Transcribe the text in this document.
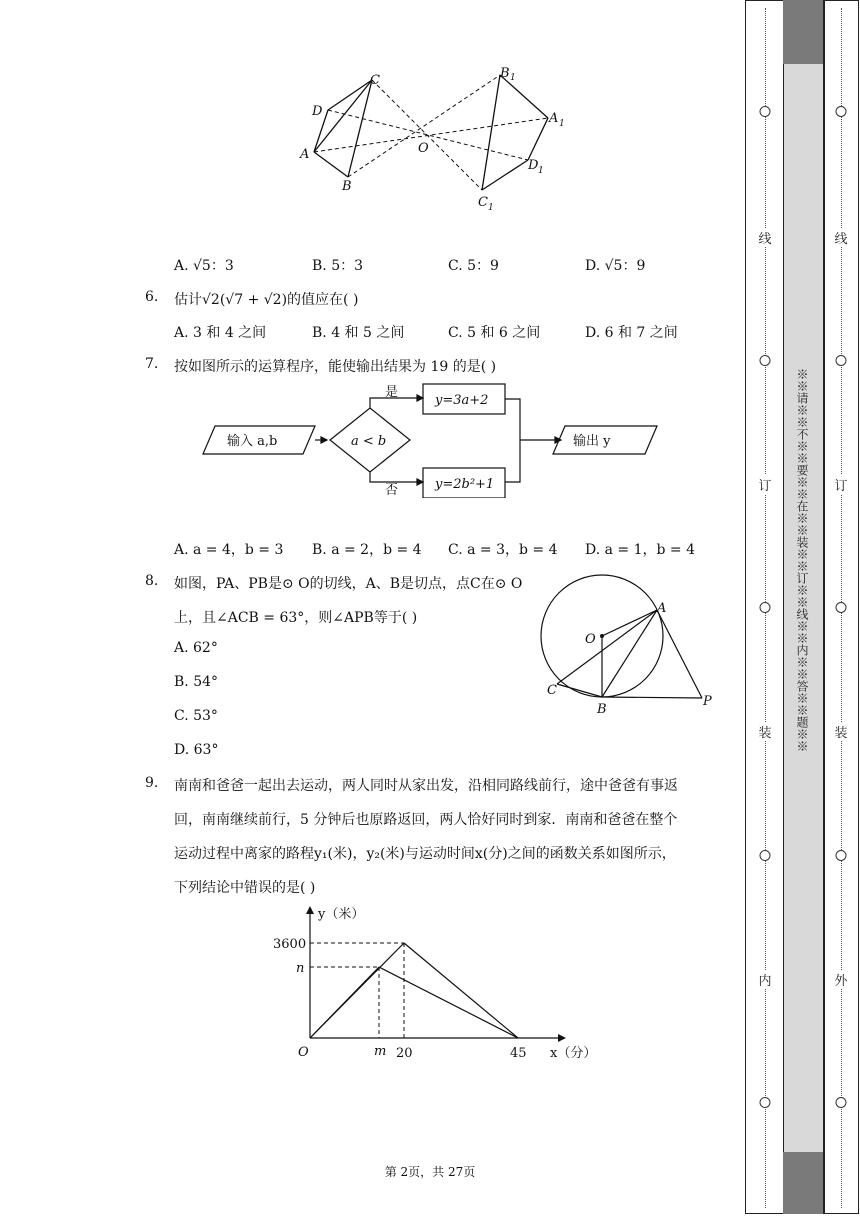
C
D
A
B
O
B 1
A 1
D 1
C 1
A. √5：3	B. 5：3	C. 5：9	D. √5：9
6. 估计√2(√7 + √2)的值应在( )
A. 3 和 4 之间	B. 4 和 5 之间	C. 5 和 6 之间	D. 6 和 7 之间
7. 按如图所示的运算程序，能使输出结果为 19 的是( )
输入 a,b	a < b
是
否
y=3a+2
y=2b²+1
输出 y
A. a = 4，b = 3 B. a = 2，b = 4 C. a = 3，b = 4 D. a = 1，b = 4
8. 如图，PA、PB是⊙ O的切线，A、B是切点，点C在⊙ O
上，且∠ACB = 63°，则∠APB等于( )
A. 62°
B. 54°
C. 53°
D. 63°
O
A
B
C
P
9. 南南和爸爸一起出去运动，两人同时从家出发，沿相同路线前行，途中爸爸有事返
回，南南继续前行，5 分钟后也原路返回，两人恰好同时到家．南南和爸爸在整个
运动过程中离家的路程y₁(米)，y₂(米)与运动时间x(分)之间的函数关系如图所示，
下列结论中错误的是( )
y（米）
x（分）
O
3600
n
m 20	45
第 2页，共 27页
线
订
装
内
线
订
装
外
※※请※※不※※要※※在※※装※※订※※线※※内※※答※※题※※
